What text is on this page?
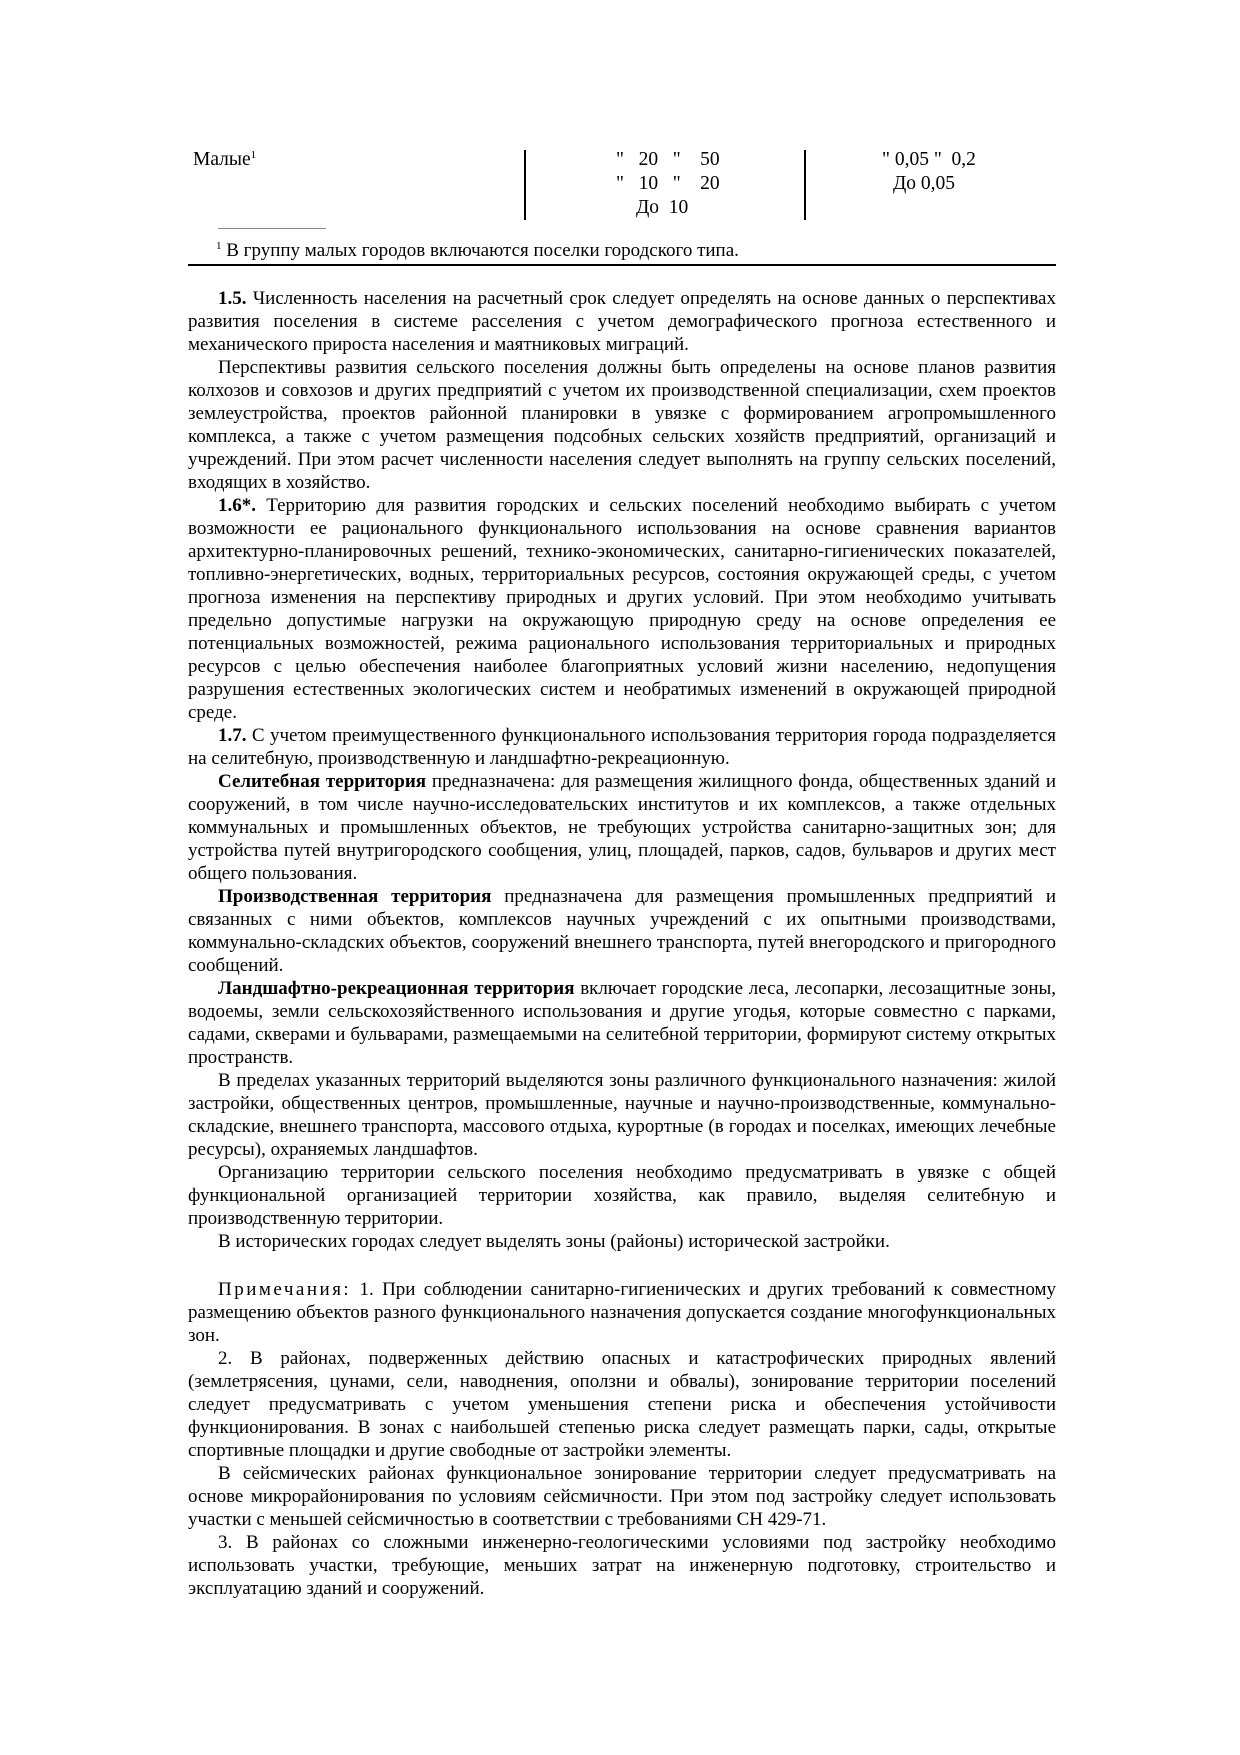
Малые$^1$	"   20   "    50
"   10   "    20
До  10
" 0,05 "  0,2
До 0,05
$^1$ В группу малых городов включаются поселки городского типа.

1.5. Численность населения на расчетный срок следует определять на основе данных о перспективах развития поселения в системе расселения с учетом демографического прогноза естественного и механического прироста населения и маятниковых миграций.

Перспективы развития сельского поселения должны быть определены на основе планов развития колхозов и совхозов и других предприятий с учетом их производственной специализации, схем проектов землеустройства, проектов районной планировки в увязке с формированием агропромышленного комплекса, а также с учетом размещения подсобных сельских хозяйств предприятий, организаций и учреждений. При этом расчет численности населения следует выполнять на группу сельских поселений, входящих в хозяйство.

1.6*. Территорию для развития городских и сельских поселений необходимо выбирать с учетом возможности ее рационального функционального использования на основе сравнения вариантов архитектурно-планировочных решений, технико-экономических, санитарно-гигиенических показателей, топливно-энергетических, водных, территориальных ресурсов, состояния окружающей среды, с учетом прогноза изменения на перспективу природных и других условий. При этом необходимо учитывать предельно допустимые нагрузки на окружающую природную среду на основе определения ее потенциальных возможностей, режима рационального использования территориальных и природных ресурсов с целью обеспечения наиболее благоприятных условий жизни населению, недопущения разрушения естественных экологических систем и необратимых изменений в окружающей природной среде.

1.7. С учетом преимущественного функционального использования территория города подразделяется на селитебную, производственную и ландшафтно-рекреационную.

Селитебная территория предназначена: для размещения жилищного фонда, общественных зданий и сооружений, в том числе научно-исследовательских институтов и их комплексов, а также отдельных коммунальных и промышленных объектов, не требующих устройства санитарно-защитных зон; для устройства путей внутригородского сообщения, улиц, площадей, парков, садов, бульваров и других мест общего пользования.

Производственная территория предназначена для размещения промышленных предприятий и связанных с ними объектов, комплексов научных учреждений с их опытными производствами, коммунально-складских объектов, сооружений внешнего транспорта, путей внегородского и пригородного сообщений.

Ландшафтно-рекреационная территория включает городские леса, лесопарки, лесозащитные зоны, водоемы, земли сельскохозяйственного использования и другие угодья, которые совместно с парками, садами, скверами и бульварами, размещаемыми на селитебной территории, формируют систему открытых пространств.

В пределах указанных территорий выделяются зоны различного функционального назначения: жилой застройки, общественных центров, промышленные, научные и научно-производственные, коммунально-складские, внешнего транспорта, массового отдыха, курортные (в городах и поселках, имеющих лечебные ресурсы), охраняемых ландшафтов.

Организацию территории сельского поселения необходимо предусматривать в увязке с общей функциональной организацией территории хозяйства, как правило, выделяя селитебную и производственную территории.

В исторических городах следует выделять зоны (районы) исторической застройки.

Примечания: 1. При соблюдении санитарно-гигиенических и других требований к совместному размещению объектов разного функционального назначения допускается создание многофункциональных зон.

2. В районах, подверженных действию опасных и катастрофических природных явлений (землетрясения, цунами, сели, наводнения, оползни и обвалы), зонирование территории поселений следует предусматривать с учетом уменьшения степени риска и обеспечения устойчивости функционирования. В зонах с наибольшей степенью риска следует размещать парки, сады, открытые спортивные площадки и другие свободные от застройки элементы.

В сейсмических районах функциональное зонирование территории следует предусматривать на основе микрорайонирования по условиям сейсмичности. При этом под застройку следует использовать участки с меньшей сейсмичностью в соответствии с требованиями СН 429-71.

3. В районах со сложными инженерно-геологическими условиями под застройку необходимо использовать участки, требующие, меньших затрат на инженерную подготовку, строительство и эксплуатацию зданий и сооружений.
